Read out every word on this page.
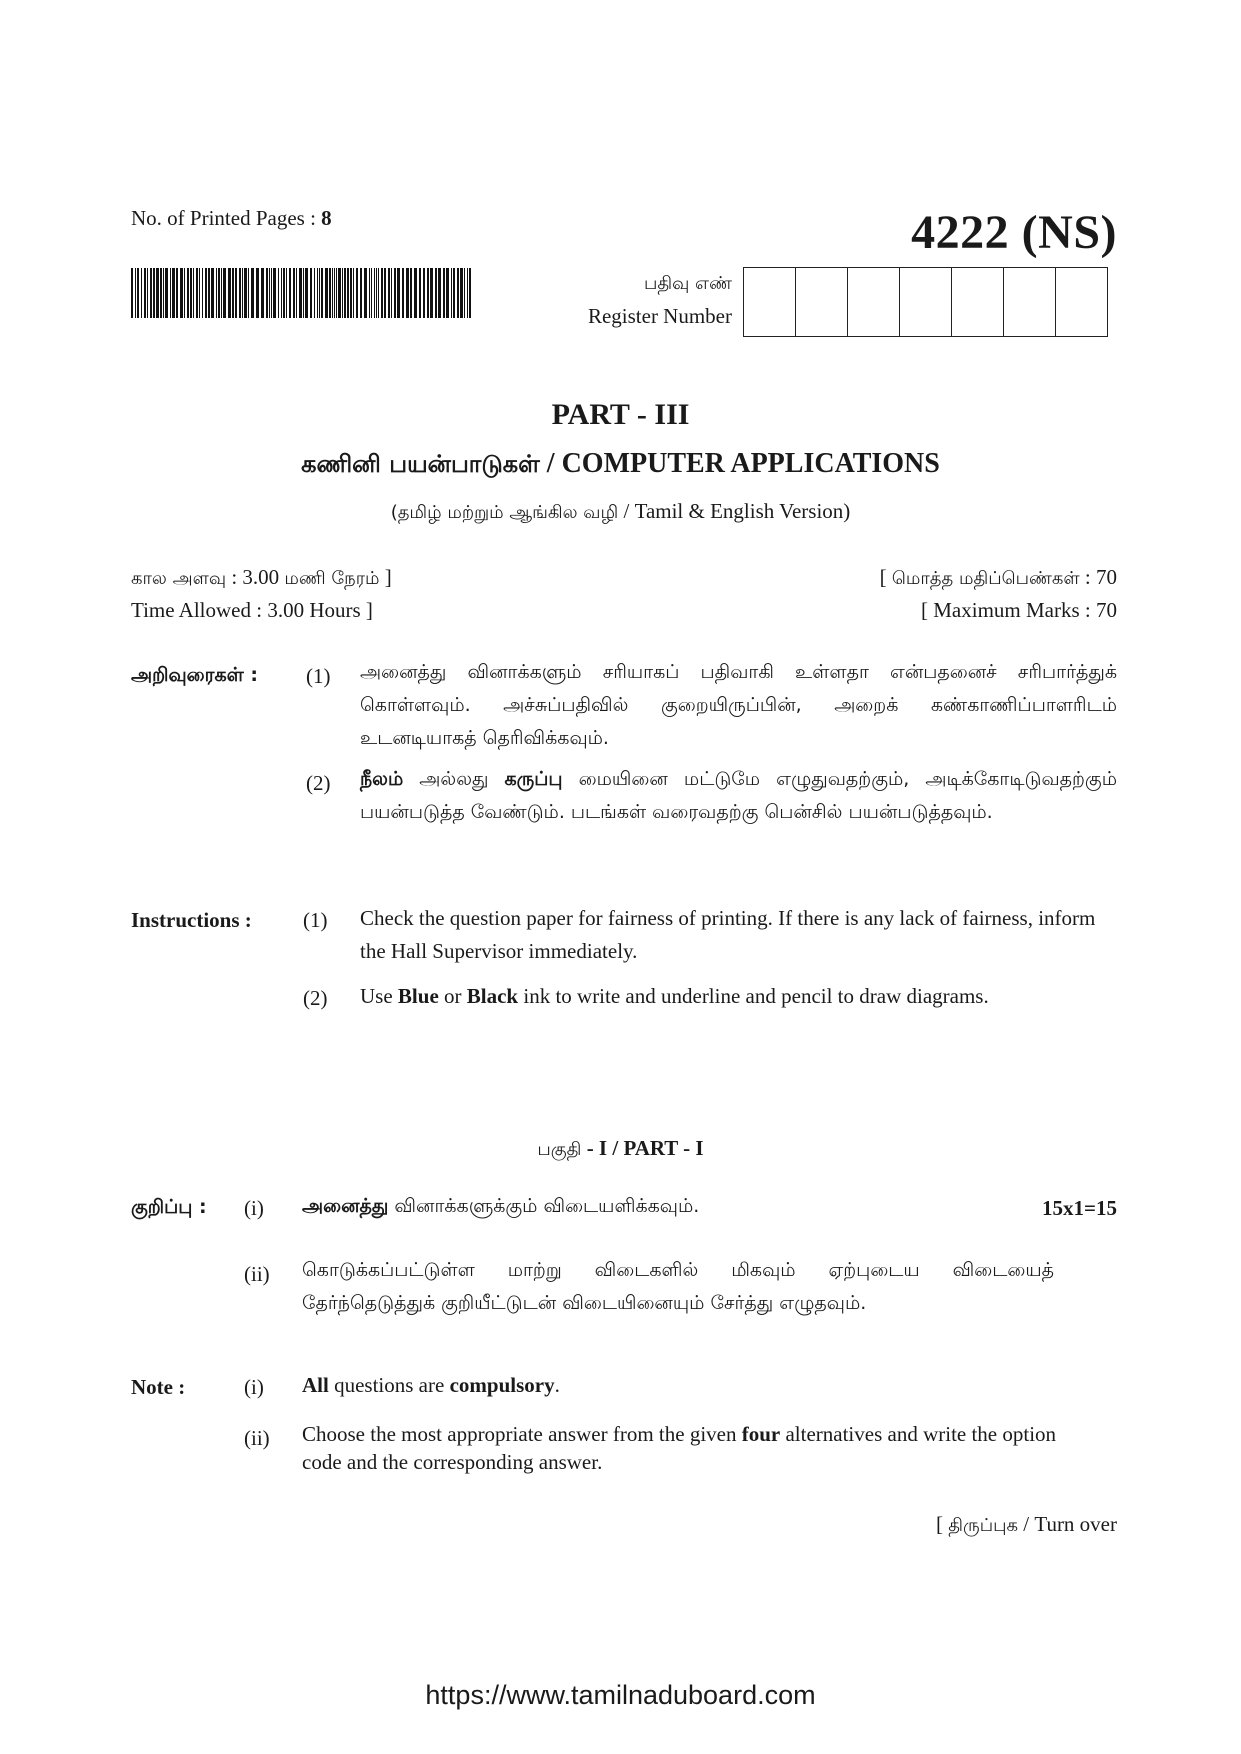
No. of Printed Pages : 8	4222 (NS)
பதிவு எண்
Register Number
PART - III
கணினி பயன்பாடுகள் / COMPUTER APPLICATIONS
(தமிழ் மற்றும் ஆங்கில வழி / Tamil & English Version)
கால அளவு : 3.00 மணி நேரம் ]	[ மொத்த மதிப்பெண்கள் : 70
Time Allowed : 3.00 Hours ]	[ Maximum Marks : 70
அறிவுரைகள் : (1) அனைத்து வினாக்களும் சரியாகப் பதிவாகி உள்ளதா என்பதனைச் சரிபார்த்துக் கொள்ளவும். அச்சுப்பதிவில் குறையிருப்பின், அறைக் கண்காணிப்பாளரிடம் உடனடியாகத் தெரிவிக்கவும்.
(2) நீலம் அல்லது கருப்பு மையினை மட்டுமே எழுதுவதற்கும், அடிக்கோடிடுவதற்கும் பயன்படுத்த வேண்டும். படங்கள் வரைவதற்கு பென்சில் பயன்படுத்தவும்.
Instructions : (1) Check the question paper for fairness of printing. If there is any lack of fairness, inform the Hall Supervisor immediately.
(2) Use Blue or Black ink to write and underline and pencil to draw diagrams.
பகுதி - I / PART - I
குறிப்பு : (i) அனைத்து வினாக்களுக்கும் விடையளிக்கவும்.	15x1=15
(ii) கொடுக்கப்பட்டுள்ள மாற்று விடைகளில் மிகவும் ஏற்புடைய விடையைத் தேர்ந்தெடுத்துக் குறியீட்டுடன் விடையினையும் சேர்த்து எழுதவும்.
Note :	(i) All questions are compulsory.
(ii) Choose the most appropriate answer from the given four alternatives and write the option code and the corresponding answer.
[ திருப்புக / Turn over
https://www.tamilnaduboard.com
